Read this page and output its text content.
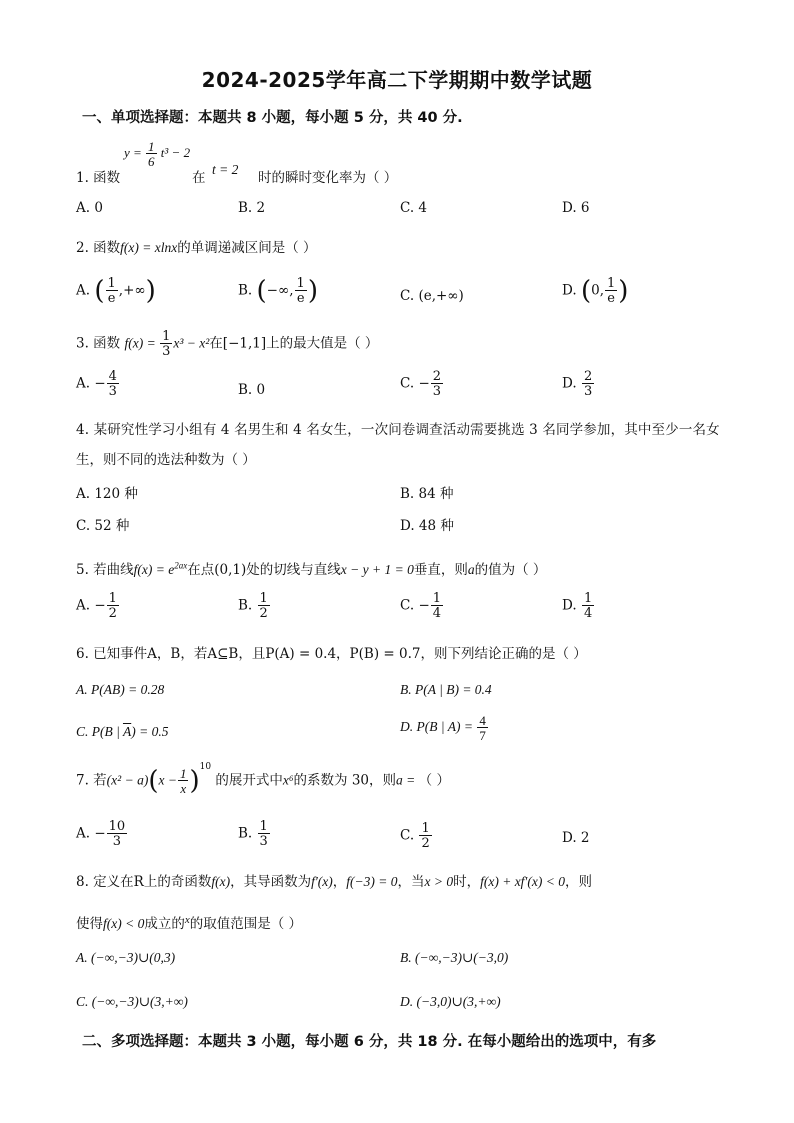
2024-2025学年高二下学期期中数学试题
一、单项选择题：本题共 8 小题，每小题 5 分，共 40 分.
1. 函数
$y = \frac{1}{6} t^3 - 2$
在
t = 2
时的瞬时变化率为（ ）
A. 0	B. 2	C. 4	D. 6
2. 函数f(x) = xlnx的单调递减区间是（ ）
A. ( $\frac{1}{e}$ ,+∞)	B. (−∞, $\frac{1}{e}$ )	C. (e,+∞)	D. (0, $\frac{1}{e}$ )
3. 函数 $f(x) = \frac{1}{3} x^3 - x^2$在[−1,1]上的最大值是（ ）
A. − $\frac{4}{3}$	B. 0	C. − $\frac{2}{3}$	D. $\frac{2}{3}$
4. 某研究性学习小组有 4 名男生和 4 名女生，一次问卷调查活动需要挑选 3 名同学参加，其中至少一名女
生，则不同的选法种数为（ ）
A. 120 种	B. 84 种
C. 52 种	D. 48 种
5. 若曲线$f(x) = e^{2ax}$在点(0,1)处的切线与直线x − y + 1 = 0垂直，则a的值为（ ）
A. − $\frac{1}{2}$	B. $\frac{1}{2}$	C. − $\frac{1}{4}$	D. $\frac{1}{4}$
6. 已知事件A，B，若A⊆B，且P(A) = 0.4，P(B) = 0.7，则下列结论正确的是（ ）
A. P(AB) = 0.28	B. P(A | B) = 0.4
C. P(B | $\overline{A}) = 0.5$	D. P(B | $A) = \frac{4}{7}$
7. 若$(x^2 - a)(x - \frac{1}{x} )^{10}$ 的展开式中x⁶的系数为 30，则a = （ ）
A. − $\frac{10}{3}$	B. $\frac{1}{3}$	C. $\frac{1}{2}$	D. 2
8. 定义在R上的奇函数f(x)，其导函数为f′(x)，f(−3) = 0，当x > 0时，f(x) + xf′(x) < 0，则
使得f(x) < 0成立的$^x$的取值范围是（ ）
A. (−∞,−3)∪(0,3)	B. (−∞,−3)∪(−3,0)
C. (−∞,−3)∪(3,+∞)	D. (−3,0)∪(3,+∞)
二、多项选择题：本题共 3 小题，每小题 6 分，共 18 分. 在每小题给出的选项中，有多
